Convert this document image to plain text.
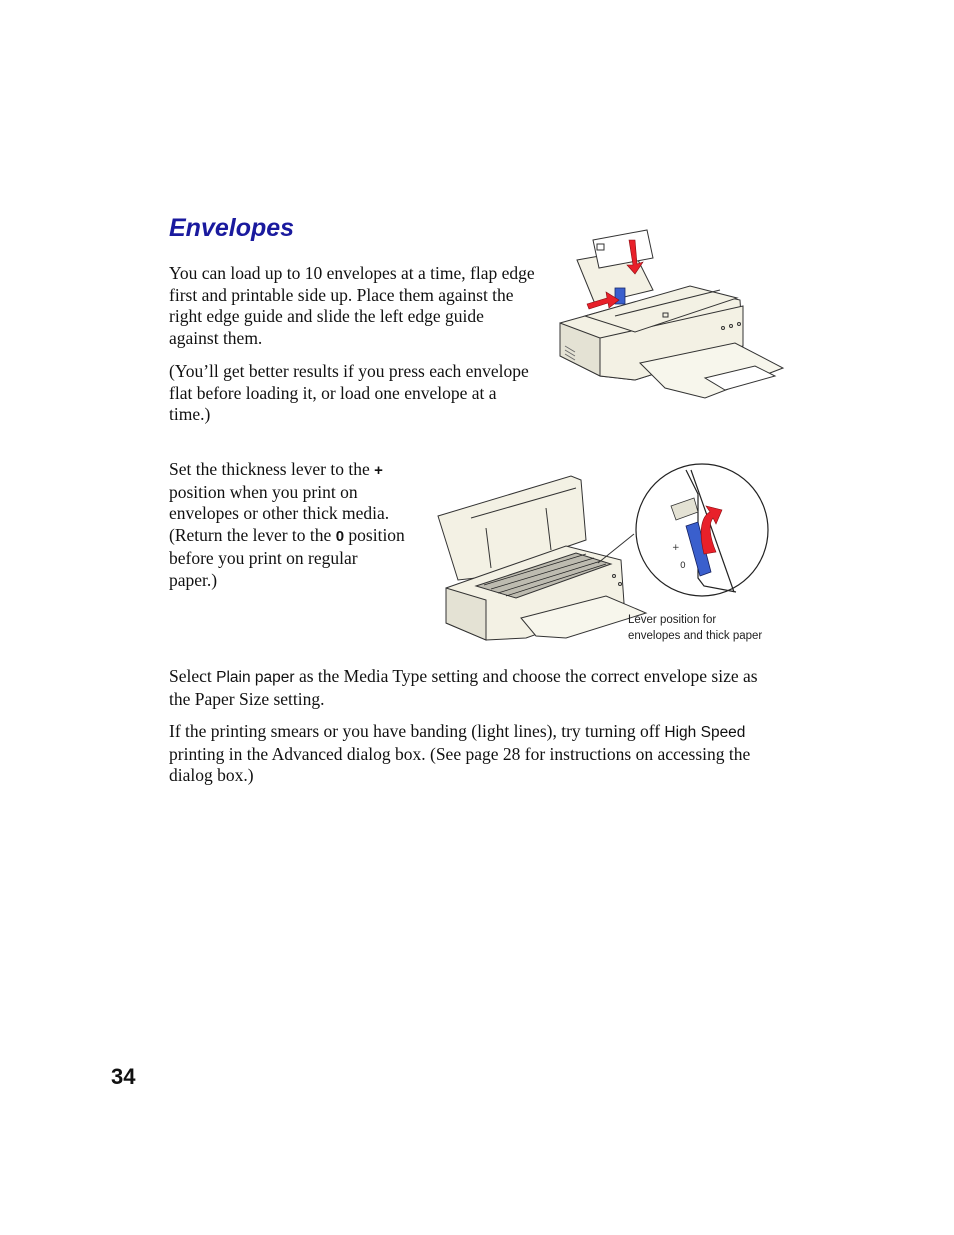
Envelopes

You can load up to 10 envelopes at a time, flap edge first and printable side up. Place them against the right edge guide and slide the left edge guide against them.

(You’ll get better results if you press each envelope flat before loading it, or load one envelope at a time.)

Set the thickness lever to the + position when you print on envelopes or other thick media. (Return the lever to the 0 position before you print on regular paper.)

Select Plain paper as the Media Type setting and choose the correct envelope size as the Paper Size setting.

If the printing smears or you have banding (light lines), try turning off High Speed printing in the Advanced dialog box. (See page 28 for instructions on accessing the dialog box.)

+
0

Lever position for
envelopes and thick paper

34
